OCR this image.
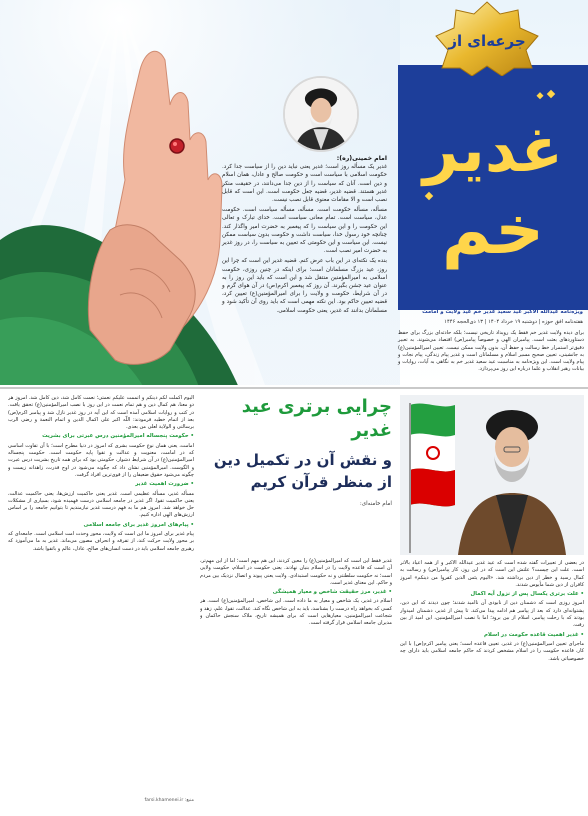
امام خمینی(ره):

غدیر یک مسأله روز است؛ غدیر یعنی نباید دین را از سیاست جدا کرد. حکومت اسلامی با سیاست است و حکومت صالح و عادل، همان اسلام و دین است. آنان که سیاست را از دین جدا می‌دانند، در حقیقت منکر غدیر هستند. قضیه غدیر، قضیه جعل حکومت است. این است که قابل نصب است و الا مقامات معنوی قابل نصب نیست.

مسأله، مسأله حکومت است. مسأله، مسأله سیاست است. حکومت عدل، سیاست است. تمام معانی سیاست است. خدای تبارک و تعالی این حکومت را و این سیاست را که پیغمبر به حضرت امیر واگذار کند. چنانچه خود رسول خدا، سیاست داشت و حکومت بدون سیاست ممکن نیست. این سیاست و این حکومتی که تعیین به سیاست را، در روز غدیر به حضرت امیر نصب است.

بنده یک نکته‌ای در این باب عرض کنم. قضیه غدیر این است که چرا این روز، عید بزرگ مسلمانان است؛ برای اینکه در چنین روزی، حکومت اسلامی به امیرالمؤمنین منتقل شد و این است که باید این روز را به عنوان عید جشن بگیرند. آن روز که پیغمبر اکرم(ص) در آن هوای گرم و در آن شرایط، حکومت و ولایت را برای امیرالمؤمنین(ع) تعیین کرد، قضیه تعیین حاکم بود. این نکته مهمی است که باید روی آن تأکید شود و مسلمانان بدانند که غدیر، یعنی حکومت اسلامی.

غدیر
خم
جرعه‌ای از
ویژه‌نامه عیدالله الاکبر عید سعید غدیر خم عید ولایت و امامت
هفته‌نامه افق حوزه | دوشنبه ۱۹ خرداد ۱۴۰۴ | ۱۳ ذی‌الحجه ۱۴۴۶
برای دیده ولایت غدیر خم فقط یک رویداد تاریخی نیست؛ بلکه حادثه‌ای بزرگ برای حفظ دستاوردهای بعثت است. پیامبران الهی و خصوصاً پیامبر(ص) اقتصاد می‌شوند. به تعبیر دقیق‌تر استمرار خط رسالت و حفظ آن، بدون ولایت ممکن نیست. تعیین امیرالمؤمنین(ع) به جانشینی، تعیین صحیح مسیر اسلام و مسلمانان است و غدیر پیام زندگی، پیام نجات و پیام ولایت است. این ویژه‌نامه به مناسبت عید سعید غدیر خم به نگاهی به آیات، روایات و بیانات رهبر انقلاب و علما درباره این روز می‌پردازد.

الیوم اکملت لکم دینکم و اتممت علیکم نعمتی؛ نعمت کامل شد، دین کامل شد. امروز هر دو معنا، هم کمال دین و هم تمام نعمت در این روز با نصب امیرالمؤمنین(ع) تحقق یافت. در کتب و روایات اسلامی آمده است که این آیه در روز غدیر نازل شد و پیامبر اکرم(ص) بعد از اتمام خطبه فرمودند: اللّه اکبر علی اکمال الدین و اتمام النعمة و رضی الرب برسالتی و الولایة لعلی من بعدی.

• حکومت پنجساله امیرالمؤمنین درس عبرتی برای بشریت

امامت، یعنی همان نوع حکومت بشری که امروز در دنیا مطرح است؛ با آن تفاوت اساسی که در امامت، معنویت و عدالت و تقوا پایه حکومت است. حکومت پنجساله امیرالمؤمنین(ع) در آن شرایط دشوار، حکومتی بود که برای همه تاریخ بشریت درس عبرت و الگوست. امیرالمؤمنین نشان داد که چگونه می‌شود در اوج قدرت، زاهدانه زیست و چگونه می‌شود حقوق ضعیفان را از قوی‌ترین افراد گرفت.

• ضرورت اهمیت غدیر

مسأله غدیر، مسأله عظیمی است. غدیر یعنی حاکمیت ارزش‌ها، یعنی حاکمیت عدالت، یعنی حاکمیت تقوا. اگر غدیر در جامعه اسلامی درست فهمیده شود، بسیاری از مشکلات حل خواهد شد. امروز هم ما به فهم درست غدیر نیازمندیم تا بتوانیم جامعه را بر اساس ارزش‌های الهی اداره کنیم.

• پیام‌های امروز غدیر برای جامعه اسلامی

پیام غدیر برای امروز ما این است که ولایت، محور وحدت امت اسلامی است. جامعه‌ای که بر محور ولایت حرکت کند، از تفرقه و انحراف مصون می‌ماند. غدیر به ما می‌آموزد که رهبری جامعه اسلامی باید در دست انسان‌های صالح، عادل، عالم و باتقوا باشد.

منبع: farsi.khamenei.ir
چرایی برتری عید غدیر
و نقش آن در تکمیل دین از منظر قرآن کریم
امام خامنه‌ای:

غدیر فقط این است که امیرالمؤمنین(ع) را معین کردند، این هم مهم است؛ اما از این مهم‌تر، آن است که قاعده ولایت را در اسلام بنیان نهادند. یعنی حکومت در اسلام، حکومت ولایی است؛ نه حکومت سلطنتی و نه حکومت استبدادی. ولایت یعنی پیوند و اتصال نزدیک بین مردم و حاکم. این معنای غدیر است.

• غدیر، مرز حقیقت شاخص و معیار همیشگی

اسلام در غدیر، یک شاخص و معیار به ما داده است. این شاخص، امیرالمؤمنین(ع) است. هر کسی که بخواهد راه درست را بشناسد، باید به این شاخص نگاه کند. عدالت، تقوا، علم، زهد و شجاعت امیرالمؤمنین، معیارهایی است که برای همیشه تاریخ، ملاک سنجش حاکمان و مدیران جامعه اسلامی قرار گرفته است.

در بعضی از تعبیرات گفته شده است که عید غدیر عیدالله الاکبر و از همه اعیاد بالاتر است. علت این چیست؟ علتش این است که در این روز، کار پیامبر(ص) و رسالت به کمال رسید و خطر از دین برداشته شد. «الیوم یئس الذین کفروا من دینکم» امروز کافران از دین شما مأیوس شدند.

• علت برتری یکسال پس از نزول آیه اکمال

امروز روزی است که دشمنان دین از نابودی آن ناامید شدند؛ چون دیدند که این دین، پشتوانه‌ای دارد که بعد از پیامبر هم ادامه پیدا می‌کند. تا پیش از غدیر، دشمنان امیدوار بودند که با رحلت پیامبر، اسلام از بین برود؛ اما با نصب امیرالمؤمنین، این امید از بین رفت.

• غدیر اهمیت قاعده حکومت در اسلام

ماجرای تعیین امیرالمؤمنین(ع) در غدیر، تعیین قاعده است؛ یعنی پیامبر اکرم(ص) با این کار، قاعده حکومت را در اسلام مشخص کردند که حاکم جامعه اسلامی باید دارای چه خصوصیاتی باشد.
